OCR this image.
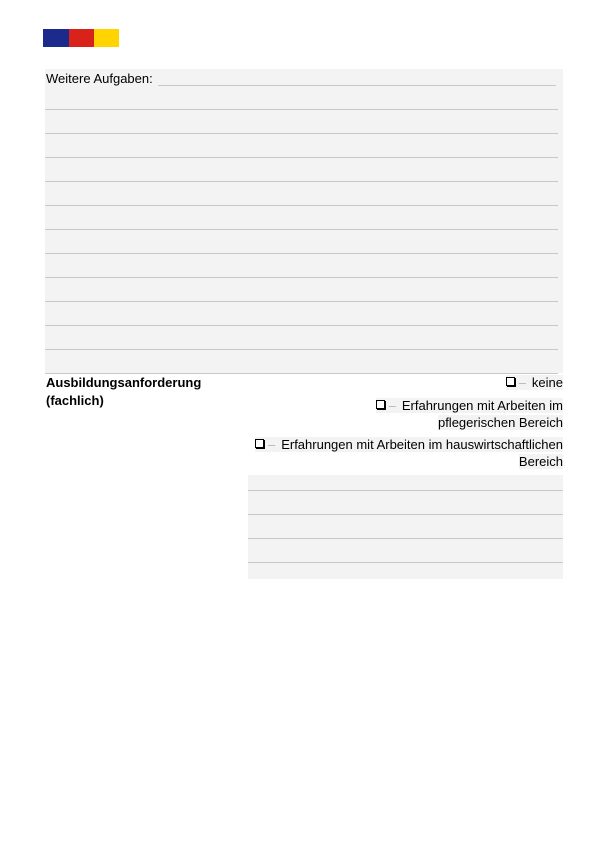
Weitere Aufgaben:
Ausbildungsanforderung (fachlich)
– keine
– Erfahrungen mit Arbeiten im
pflegerischen Bereich
– Erfahrungen mit Arbeiten im hauswirtschaftlichen
Bereich
